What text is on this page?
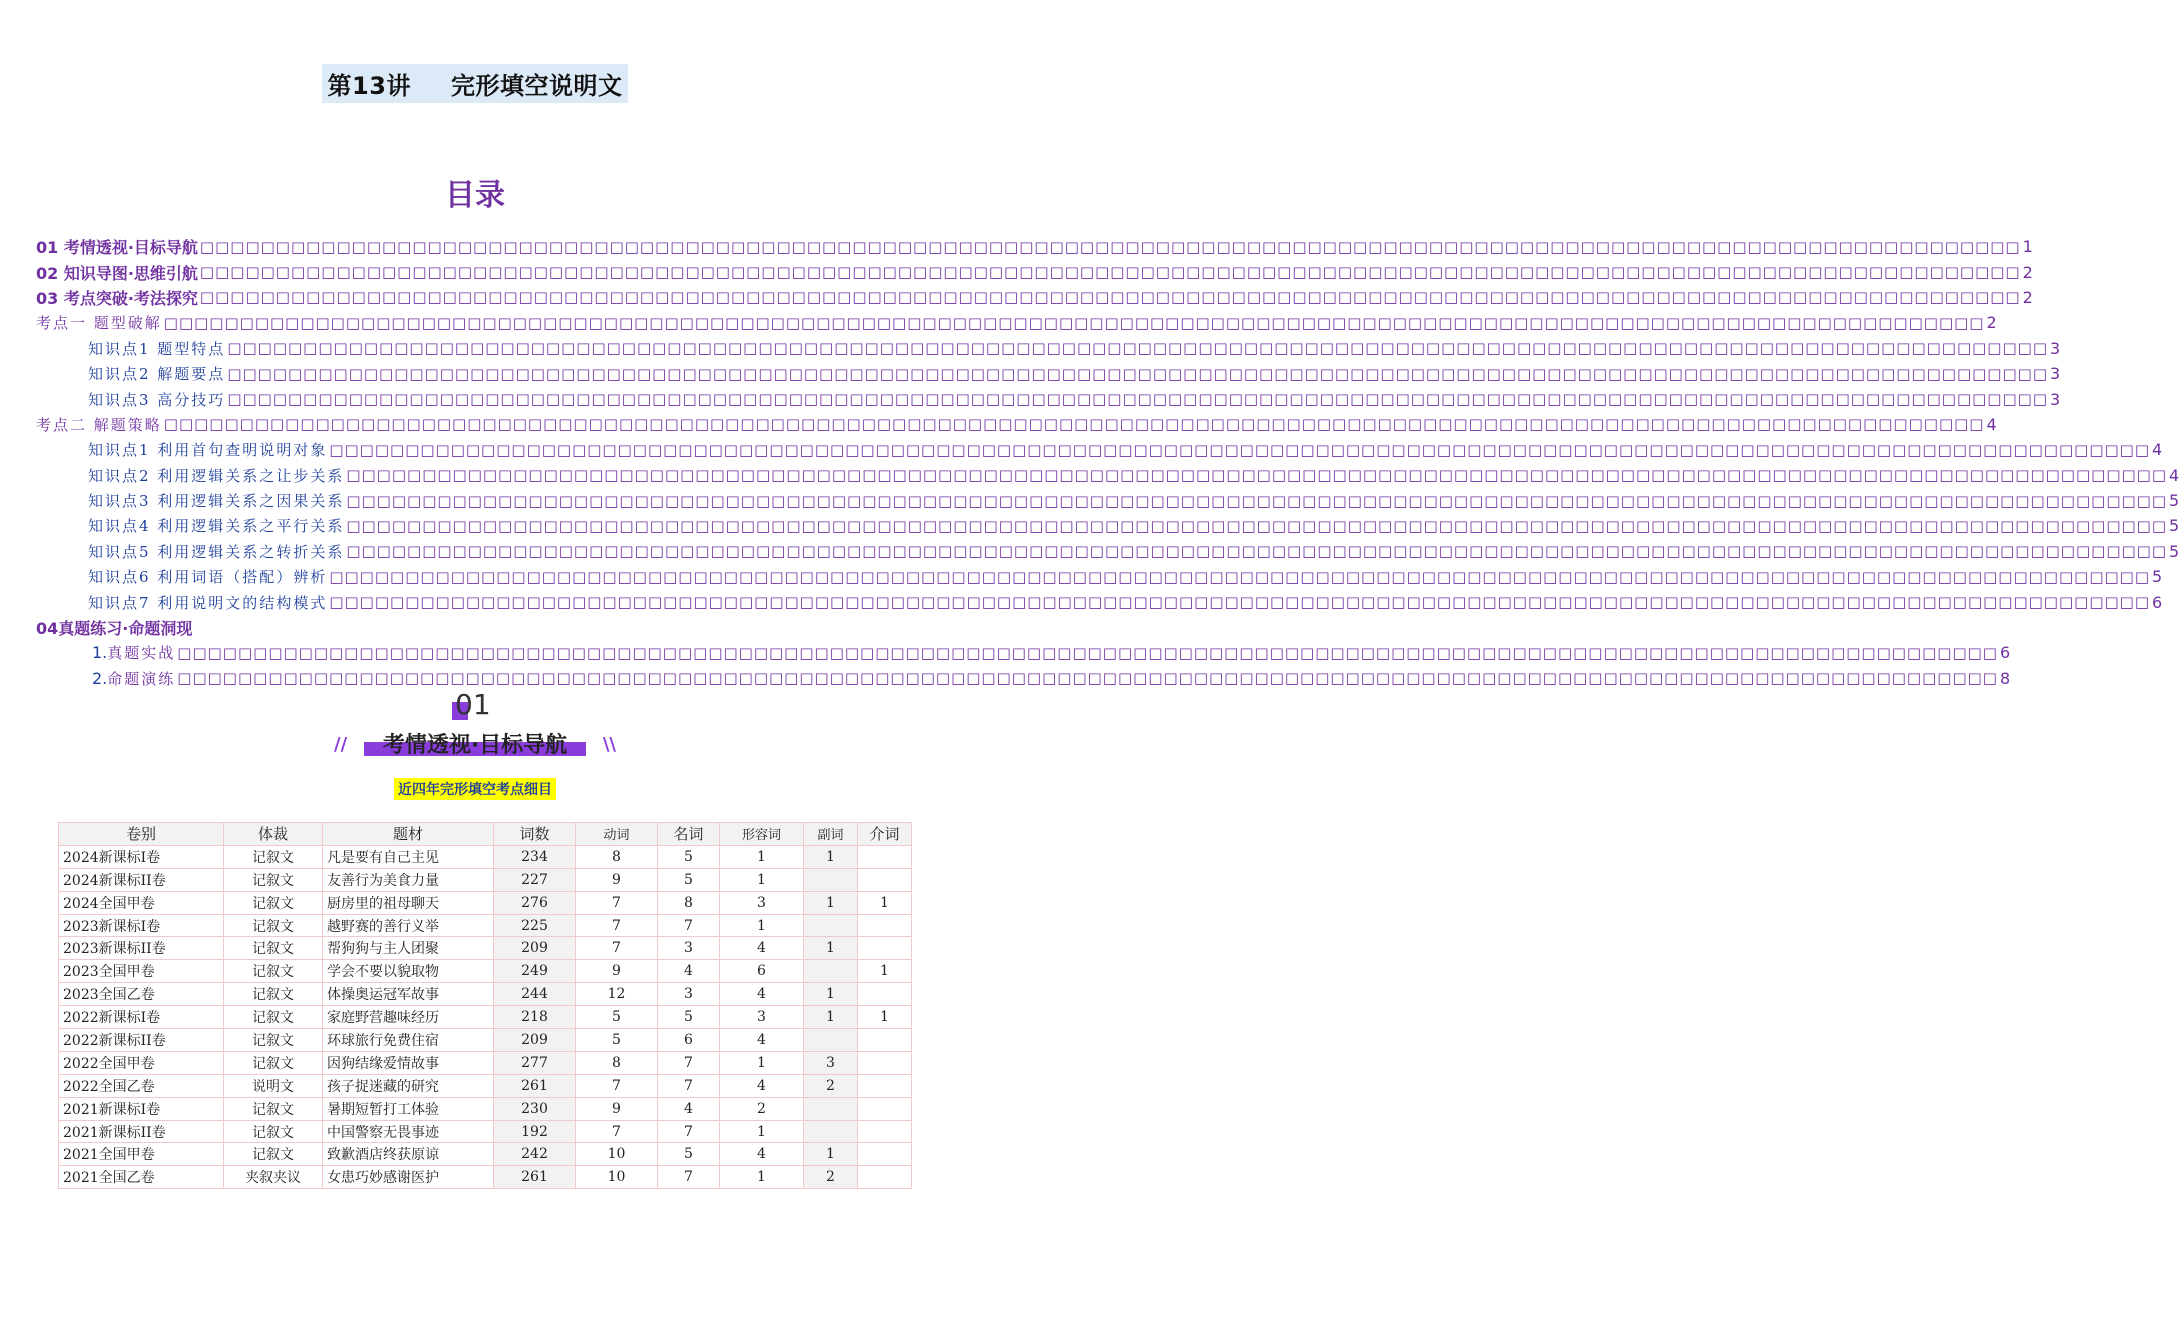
第13讲 完形填空说明文
目录
01 考情透视·目标导航 □□□□□□□□□□□□□□□□□□□□□□□□□□□□□□□□□□□□□□□□□□□□□□□□□□□□□□□□□□□□□□□□□□□□□□□□□□□□□□□□□□□□□□□□□□□□□□□□□□□□□□□□□□□□□□□□□□□□□□□□ 1
02 知识导图·思维引航 □□□□□□□□□□□□□□□□□□□□□□□□□□□□□□□□□□□□□□□□□□□□□□□□□□□□□□□□□□□□□□□□□□□□□□□□□□□□□□□□□□□□□□□□□□□□□□□□□□□□□□□□□□□□□□□□□□□□□□□□ 2
03 考点突破·考法探究 □□□□□□□□□□□□□□□□□□□□□□□□□□□□□□□□□□□□□□□□□□□□□□□□□□□□□□□□□□□□□□□□□□□□□□□□□□□□□□□□□□□□□□□□□□□□□□□□□□□□□□□□□□□□□□□□□□□□□□□□ 2
考点一 题型破解 □□□□□□□□□□□□□□□□□□□□□□□□□□□□□□□□□□□□□□□□□□□□□□□□□□□□□□□□□□□□□□□□□□□□□□□□□□□□□□□□□□□□□□□□□□□□□□□□□□□□□□□□□□□□□□□□□□□□□□□□ 2
知识点1 题型特点 □□□□□□□□□□□□□□□□□□□□□□□□□□□□□□□□□□□□□□□□□□□□□□□□□□□□□□□□□□□□□□□□□□□□□□□□□□□□□□□□□□□□□□□□□□□□□□□□□□□□□□□□□□□□□□□□□□□□□□□□ 3
知识点2 解题要点 □□□□□□□□□□□□□□□□□□□□□□□□□□□□□□□□□□□□□□□□□□□□□□□□□□□□□□□□□□□□□□□□□□□□□□□□□□□□□□□□□□□□□□□□□□□□□□□□□□□□□□□□□□□□□□□□□□□□□□□□ 3
知识点3 高分技巧 □□□□□□□□□□□□□□□□□□□□□□□□□□□□□□□□□□□□□□□□□□□□□□□□□□□□□□□□□□□□□□□□□□□□□□□□□□□□□□□□□□□□□□□□□□□□□□□□□□□□□□□□□□□□□□□□□□□□□□□□ 3
考点二 解题策略 □□□□□□□□□□□□□□□□□□□□□□□□□□□□□□□□□□□□□□□□□□□□□□□□□□□□□□□□□□□□□□□□□□□□□□□□□□□□□□□□□□□□□□□□□□□□□□□□□□□□□□□□□□□□□□□□□□□□□□□□ 4
知识点1 利用首句查明说明对象 □□□□□□□□□□□□□□□□□□□□□□□□□□□□□□□□□□□□□□□□□□□□□□□□□□□□□□□□□□□□□□□□□□□□□□□□□□□□□□□□□□□□□□□□□□□□□□□□□□□□□□□□□□□□□□□□□□□□□□□□ 4
知识点2 利用逻辑关系之让步关系 □□□□□□□□□□□□□□□□□□□□□□□□□□□□□□□□□□□□□□□□□□□□□□□□□□□□□□□□□□□□□□□□□□□□□□□□□□□□□□□□□□□□□□□□□□□□□□□□□□□□□□□□□□□□□□□□□□□□□□□□ 4
知识点3 利用逻辑关系之因果关系 □□□□□□□□□□□□□□□□□□□□□□□□□□□□□□□□□□□□□□□□□□□□□□□□□□□□□□□□□□□□□□□□□□□□□□□□□□□□□□□□□□□□□□□□□□□□□□□□□□□□□□□□□□□□□□□□□□□□□□□□ 5
知识点4 利用逻辑关系之平行关系 □□□□□□□□□□□□□□□□□□□□□□□□□□□□□□□□□□□□□□□□□□□□□□□□□□□□□□□□□□□□□□□□□□□□□□□□□□□□□□□□□□□□□□□□□□□□□□□□□□□□□□□□□□□□□□□□□□□□□□□□ 5
知识点5 利用逻辑关系之转折关系 □□□□□□□□□□□□□□□□□□□□□□□□□□□□□□□□□□□□□□□□□□□□□□□□□□□□□□□□□□□□□□□□□□□□□□□□□□□□□□□□□□□□□□□□□□□□□□□□□□□□□□□□□□□□□□□□□□□□□□□□ 5
知识点6 利用词语（搭配）辨析 □□□□□□□□□□□□□□□□□□□□□□□□□□□□□□□□□□□□□□□□□□□□□□□□□□□□□□□□□□□□□□□□□□□□□□□□□□□□□□□□□□□□□□□□□□□□□□□□□□□□□□□□□□□□□□□□□□□□□□□□ 5
知识点7 利用说明文的结构模式 □□□□□□□□□□□□□□□□□□□□□□□□□□□□□□□□□□□□□□□□□□□□□□□□□□□□□□□□□□□□□□□□□□□□□□□□□□□□□□□□□□□□□□□□□□□□□□□□□□□□□□□□□□□□□□□□□□□□□□□□ 6
04真题练习·命题洞现
1.真题实战 □□□□□□□□□□□□□□□□□□□□□□□□□□□□□□□□□□□□□□□□□□□□□□□□□□□□□□□□□□□□□□□□□□□□□□□□□□□□□□□□□□□□□□□□□□□□□□□□□□□□□□□□□□□□□□□□□□□□□□□□ 6
2.命题演练 □□□□□□□□□□□□□□□□□□□□□□□□□□□□□□□□□□□□□□□□□□□□□□□□□□□□□□□□□□□□□□□□□□□□□□□□□□□□□□□□□□□□□□□□□□□□□□□□□□□□□□□□□□□□□□□□□□□□□□□□ 8
01
//	考情透视·目标导航	\\
近四年完形填空考点细目
卷别	体裁	题材	词数	动词	名词	形容词	副词	介词
2024新课标I卷	记叙文	凡是要有自己主见	234	8	5	1	1	
2024新课标II卷	记叙文	友善行为美食力量	227	9	5	1		
2024全国甲卷	记叙文	厨房里的祖母聊天	276	7	8	3	1	1
2023新课标I卷	记叙文	越野赛的善行义举	225	7	7	1		
2023新课标II卷	记叙文	帮狗狗与主人团聚	209	7	3	4	1	
2023全国甲卷	记叙文	学会不要以貌取物	249	9	4	6		1
2023全国乙卷	记叙文	体操奥运冠军故事	244	12	3	4	1	
2022新课标I卷	记叙文	家庭野营趣味经历	218	5	5	3	1	1
2022新课标II卷	记叙文	环球旅行免费住宿	209	5	6	4		
2022全国甲卷	记叙文	因狗结缘爱情故事	277	8	7	1	3	
2022全国乙卷	说明文	孩子捉迷藏的研究	261	7	7	4	2	
2021新课标I卷	记叙文	暑期短暂打工体验	230	9	4	2		
2021新课标II卷	记叙文	中国警察无畏事迹	192	7	7	1		
2021全国甲卷	记叙文	致歉酒店终获原谅	242	10	5	4	1	
2021全国乙卷	夹叙夹议	女患巧妙感谢医护	261	10	7	1	2	
